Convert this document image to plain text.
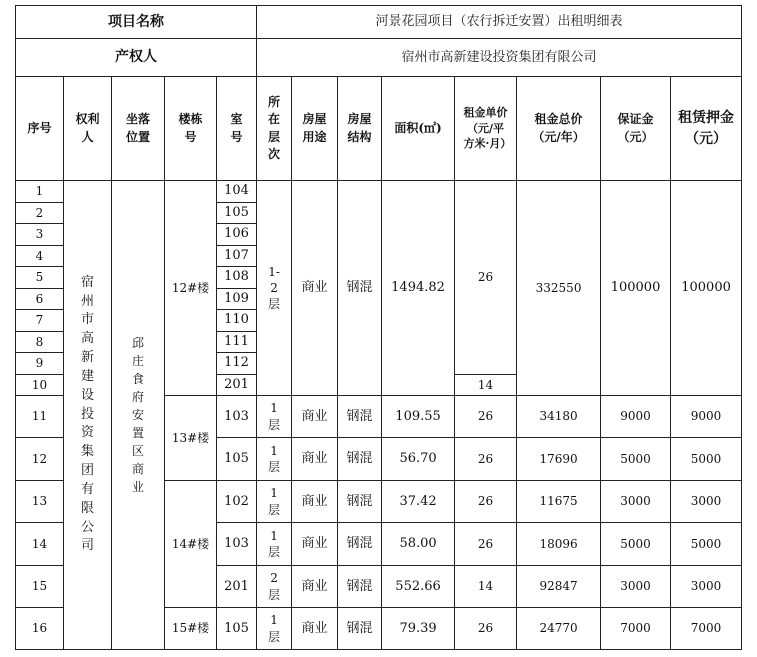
项目名称					河景花园项目（农行拆迁安置）出租明细表							
产权人					宿州市高新建设投资集团有限公司							
序号	权利人	坐落位置	楼栋号	室号	所在层次	房屋用途	房屋结构	面积(㎡)	租金单价（元/平方米·月）	租金总价（元/年）	保证金（元）	租赁押金（元）
1	宿州市高新建设投资集团有限公司	邱庄食府安置区商业	12#楼	104	1-2层	商业	钢混	1494.82	26	332550	100000	100000
2				105								
3				106								
4				107								
5				108								
6				109								
7				110								
8				111								
9				112								
10				201					14			
11			13#楼	103	1层	商业	钢混	109.55	26	34180	9000	9000
12				105	1层	商业	钢混	56.70	26	17690	5000	5000
13			14#楼	102	1层	商业	钢混	37.42	26	11675	3000	3000
14				103	1层	商业	钢混	58.00	26	18096	5000	5000
15				201	2层	商业	钢混	552.66	14	92847	3000	3000
16			15#楼	105	1层	商业	钢混	79.39	26	24770	7000	7000
